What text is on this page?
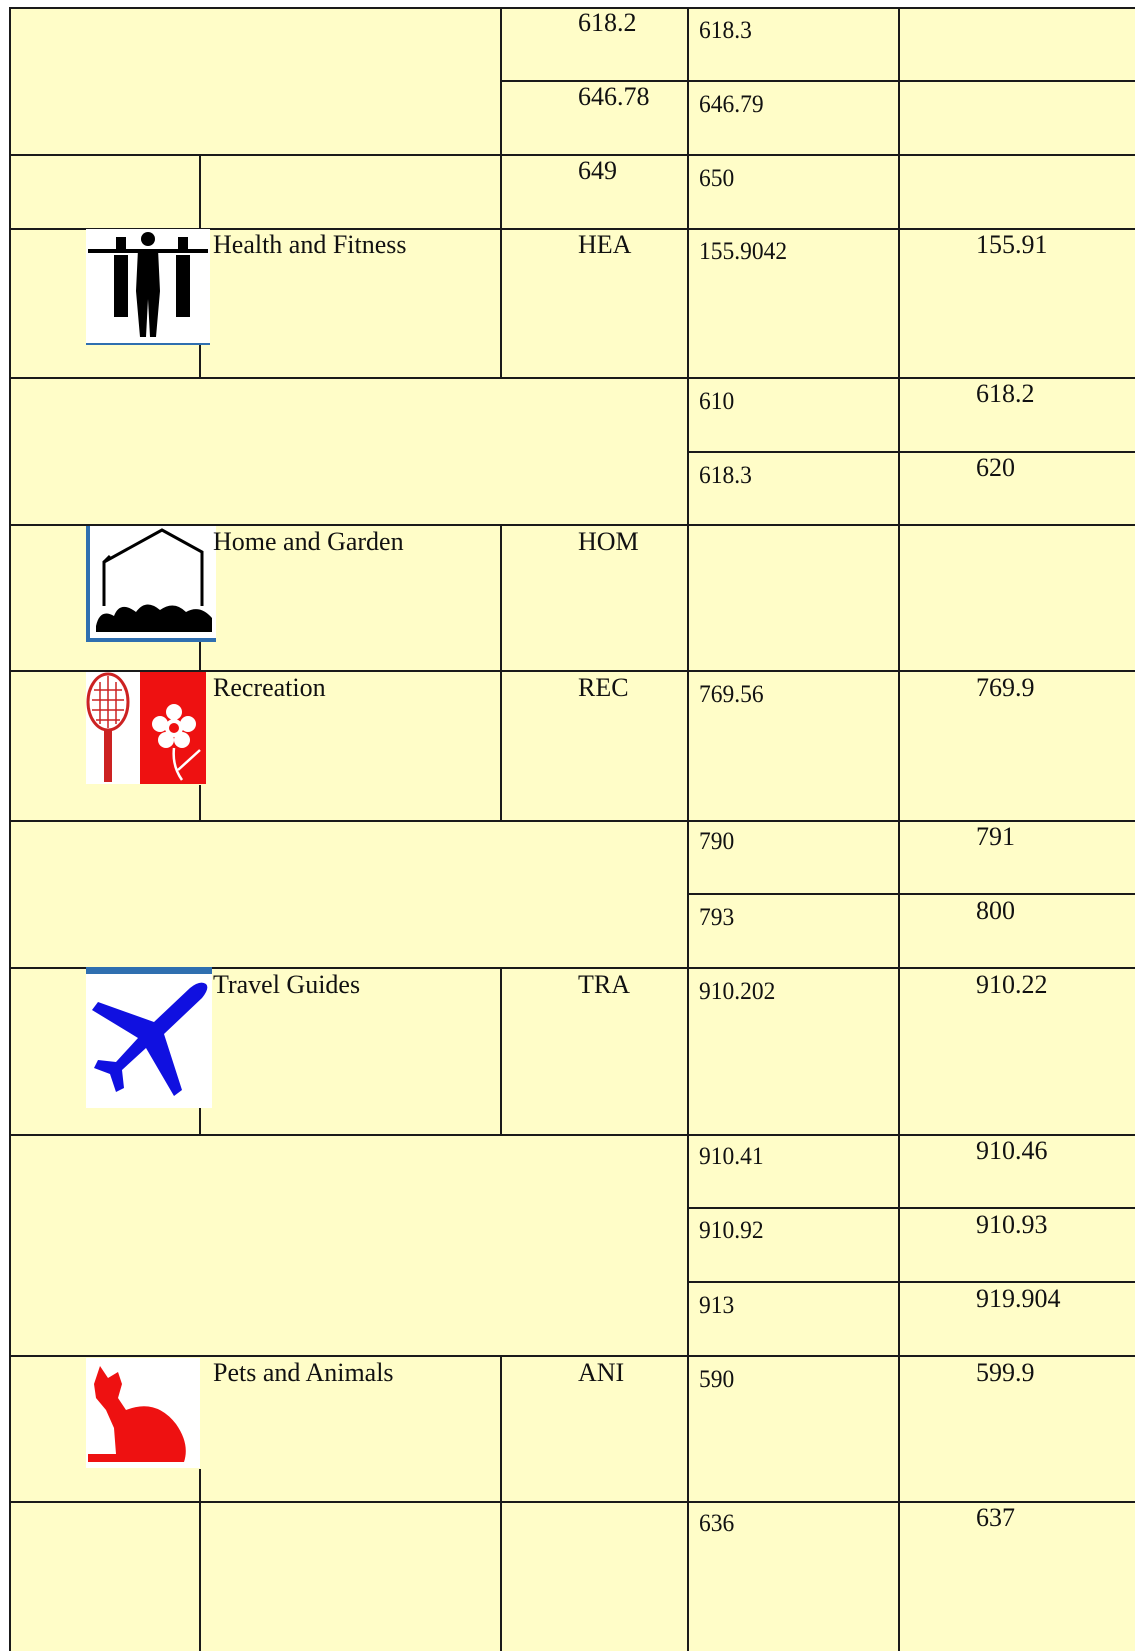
618.2	618.3
646.78 646.79
649	650
Health and Fitness	HEA	155.9042	155.91
610	618.2
618.3	620
Home and Garden	HOM
Recreation	REC	769.56	769.9
790	791
793	800
Travel Guides	TRA	910.202	910.22
910.41	910.46
910.92	910.93
913	919.904
Pets and Animals	ANI	590	599.9
636	637
